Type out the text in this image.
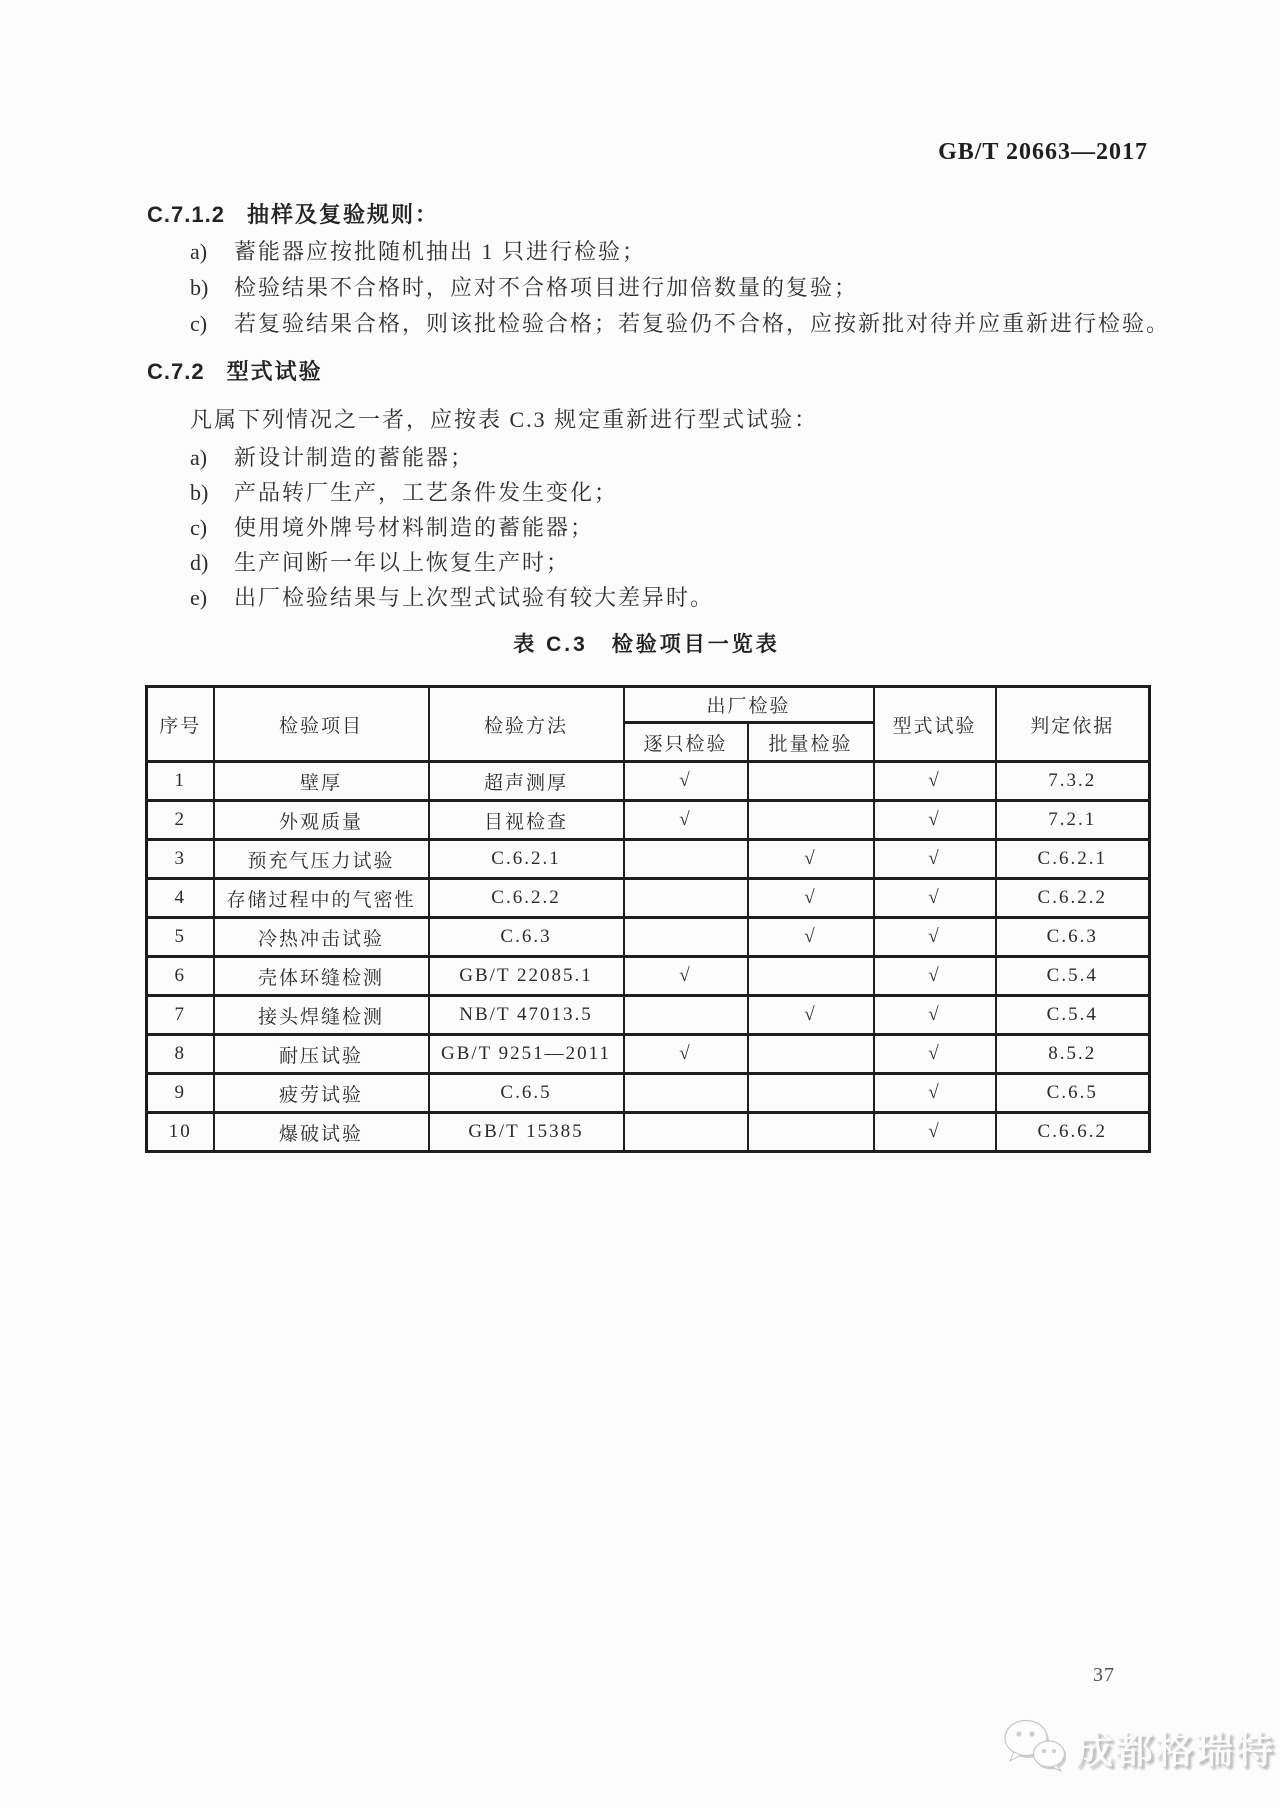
GB/T 20663—2017
C.7.1.2 抽样及复验规则：
a) 蓄能器应按批随机抽出 1 只进行检验；
b) 检验结果不合格时，应对不合格项目进行加倍数量的复验；
c) 若复验结果合格，则该批检验合格；若复验仍不合格，应按新批对待并应重新进行检验。
C.7.2 型式试验
凡属下列情况之一者，应按表 C.3 规定重新进行型式试验：
a) 新设计制造的蓄能器；
b) 产品转厂生产，工艺条件发生变化；
c) 使用境外牌号材料制造的蓄能器；
d) 生产间断一年以上恢复生产时；
e) 出厂检验结果与上次型式试验有较大差异时。
表 C.3　检验项目一览表
序号	检验项目	检验方法	出厂检验		型式试验	判定依据
			逐只检验	批量检验		
1	壁厚	超声测厚	√		√	7.3.2
2	外观质量	目视检查	√		√	7.2.1
3	预充气压力试验	C.6.2.1		√	√	C.6.2.1
4	存储过程中的气密性	C.6.2.2		√	√	C.6.2.2
5	冷热冲击试验	C.6.3		√	√	C.6.3
6	壳体环缝检测	GB/T 22085.1	√		√	C.5.4
7	接头焊缝检测	NB/T 47013.5		√	√	C.5.4
8	耐压试验	GB/T 9251—2011	√		√	8.5.2
9	疲劳试验	C.6.5			√	C.6.5
10	爆破试验	GB/T 15385			√	C.6.6.2
37
成都格瑞特
